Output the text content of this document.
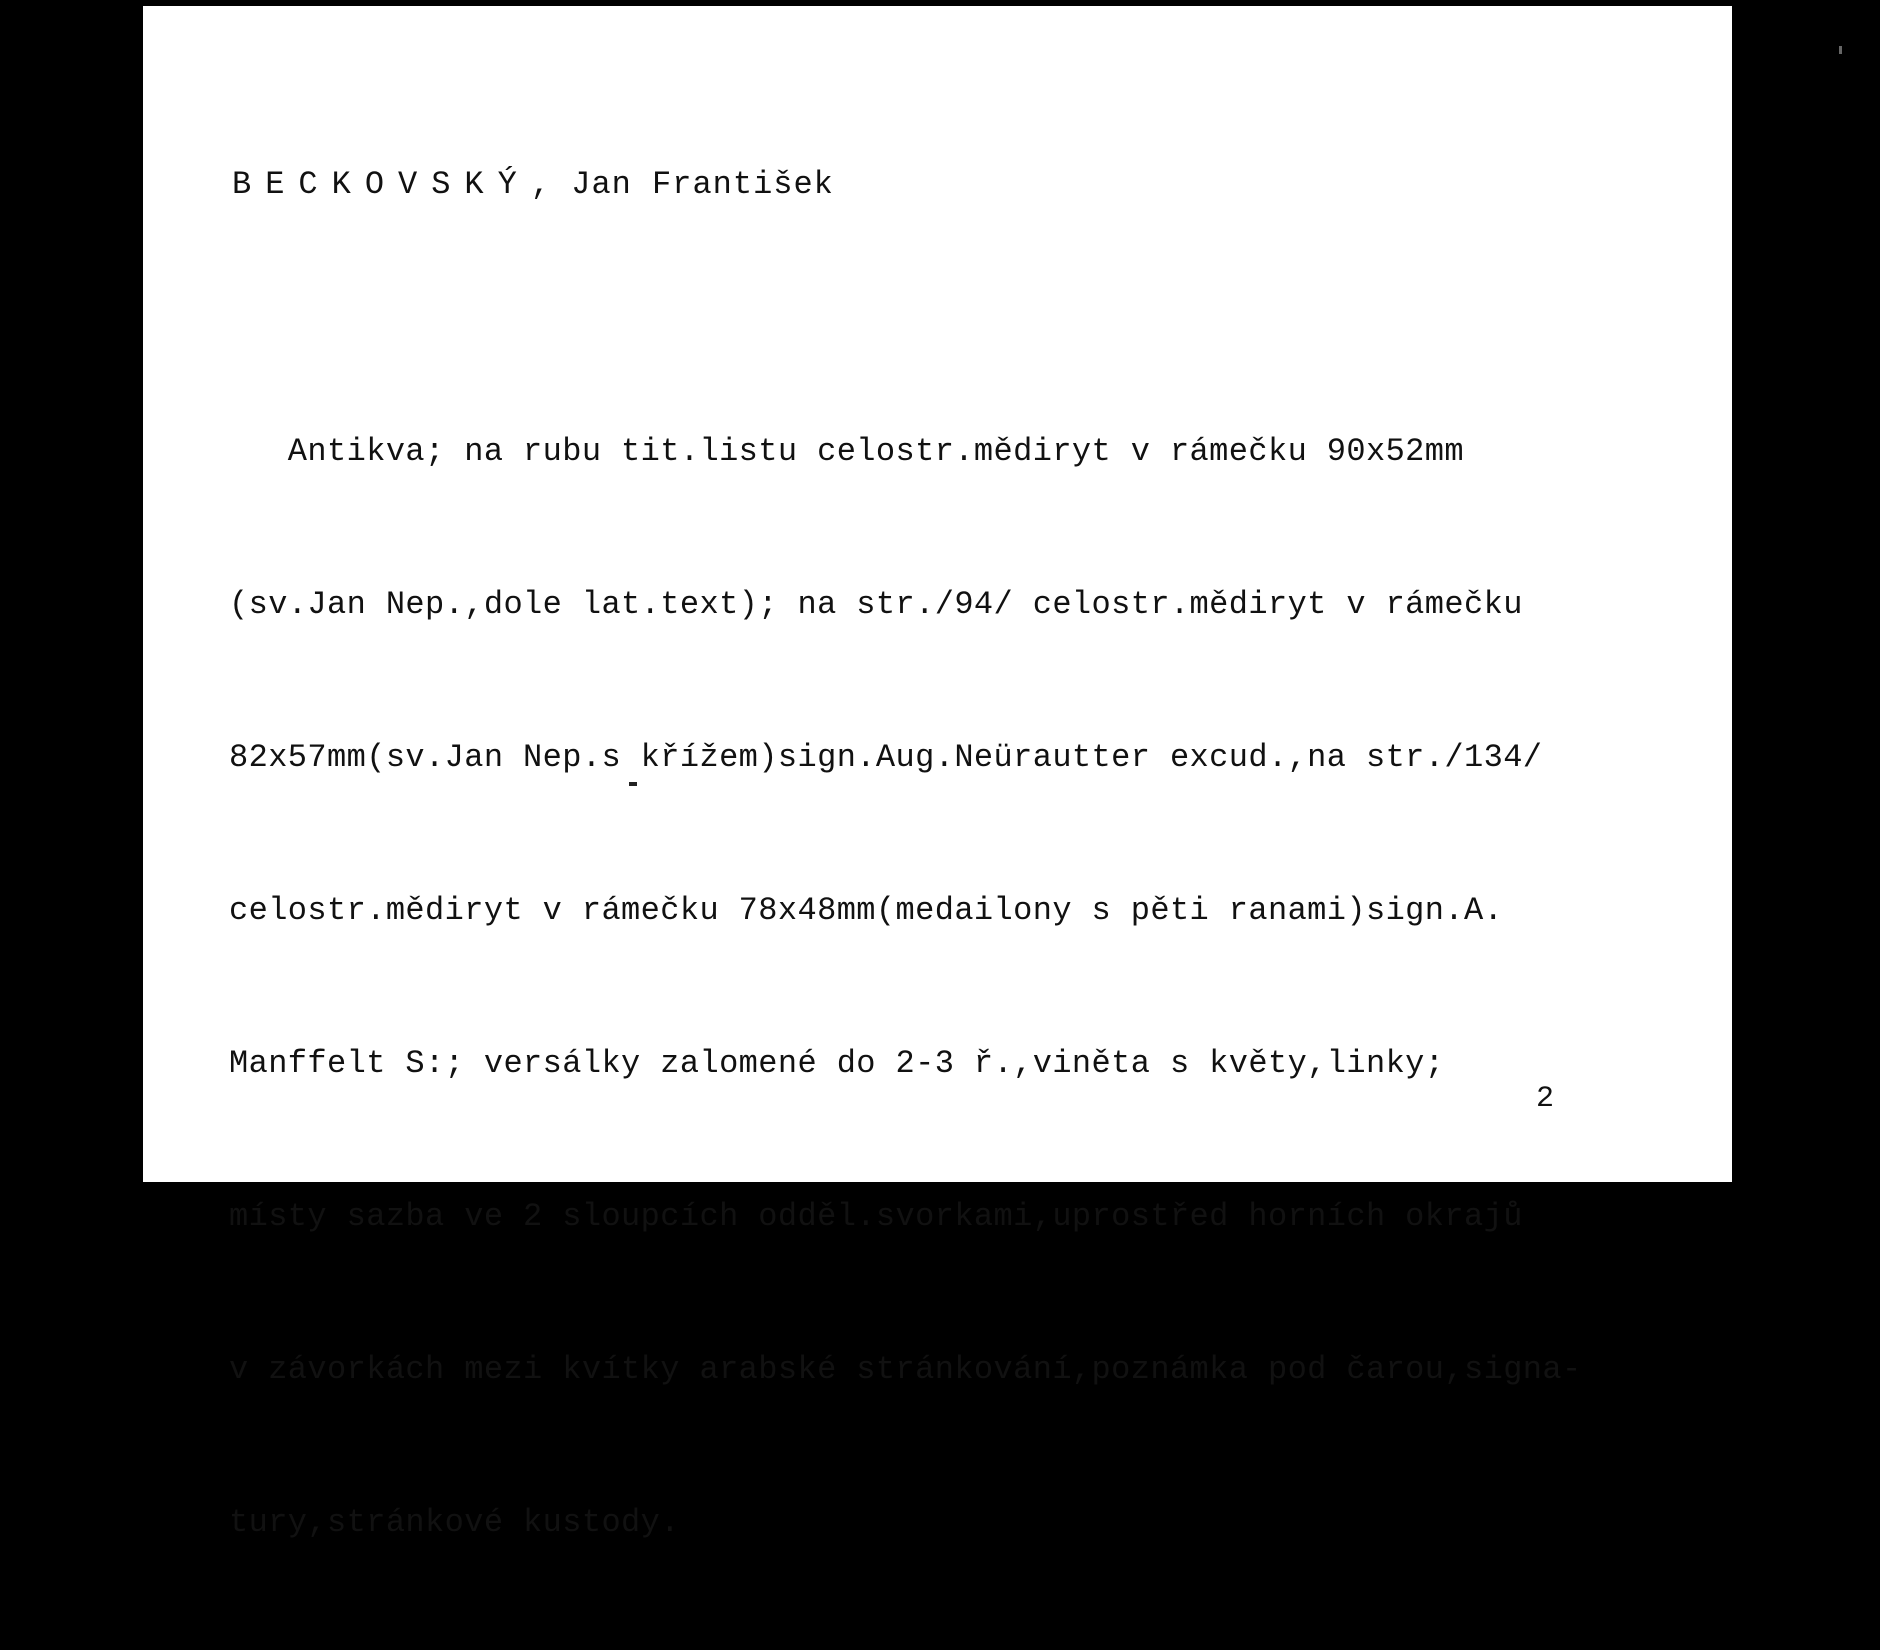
BECKOVSKÝ, Jan František

Antikva; na rubu tit.listu celostr.mědiryt v rámečku 90x52mm

(sv.Jan Nep.,dole lat.text); na str./94/ celostr.mědiryt v rámečku

82x57mm(sv.Jan Nep.s křížem)sign.Aug.Neürautter excud.,na str./134/

celostr.mědiryt v rámečku 78x48mm(medailony s pěti ranami)sign.A.

Manffelt S:; versálky zalomené do 2-3 ř.,viněta s květy,linky;

místy sazba ve 2 sloupcích odděl.svorkami,uprostřed horních okrajů

v závorkách mezi kvítky arabské stránkování,poznámka pod čarou,signa-

tury,stránkové kustody.

2
